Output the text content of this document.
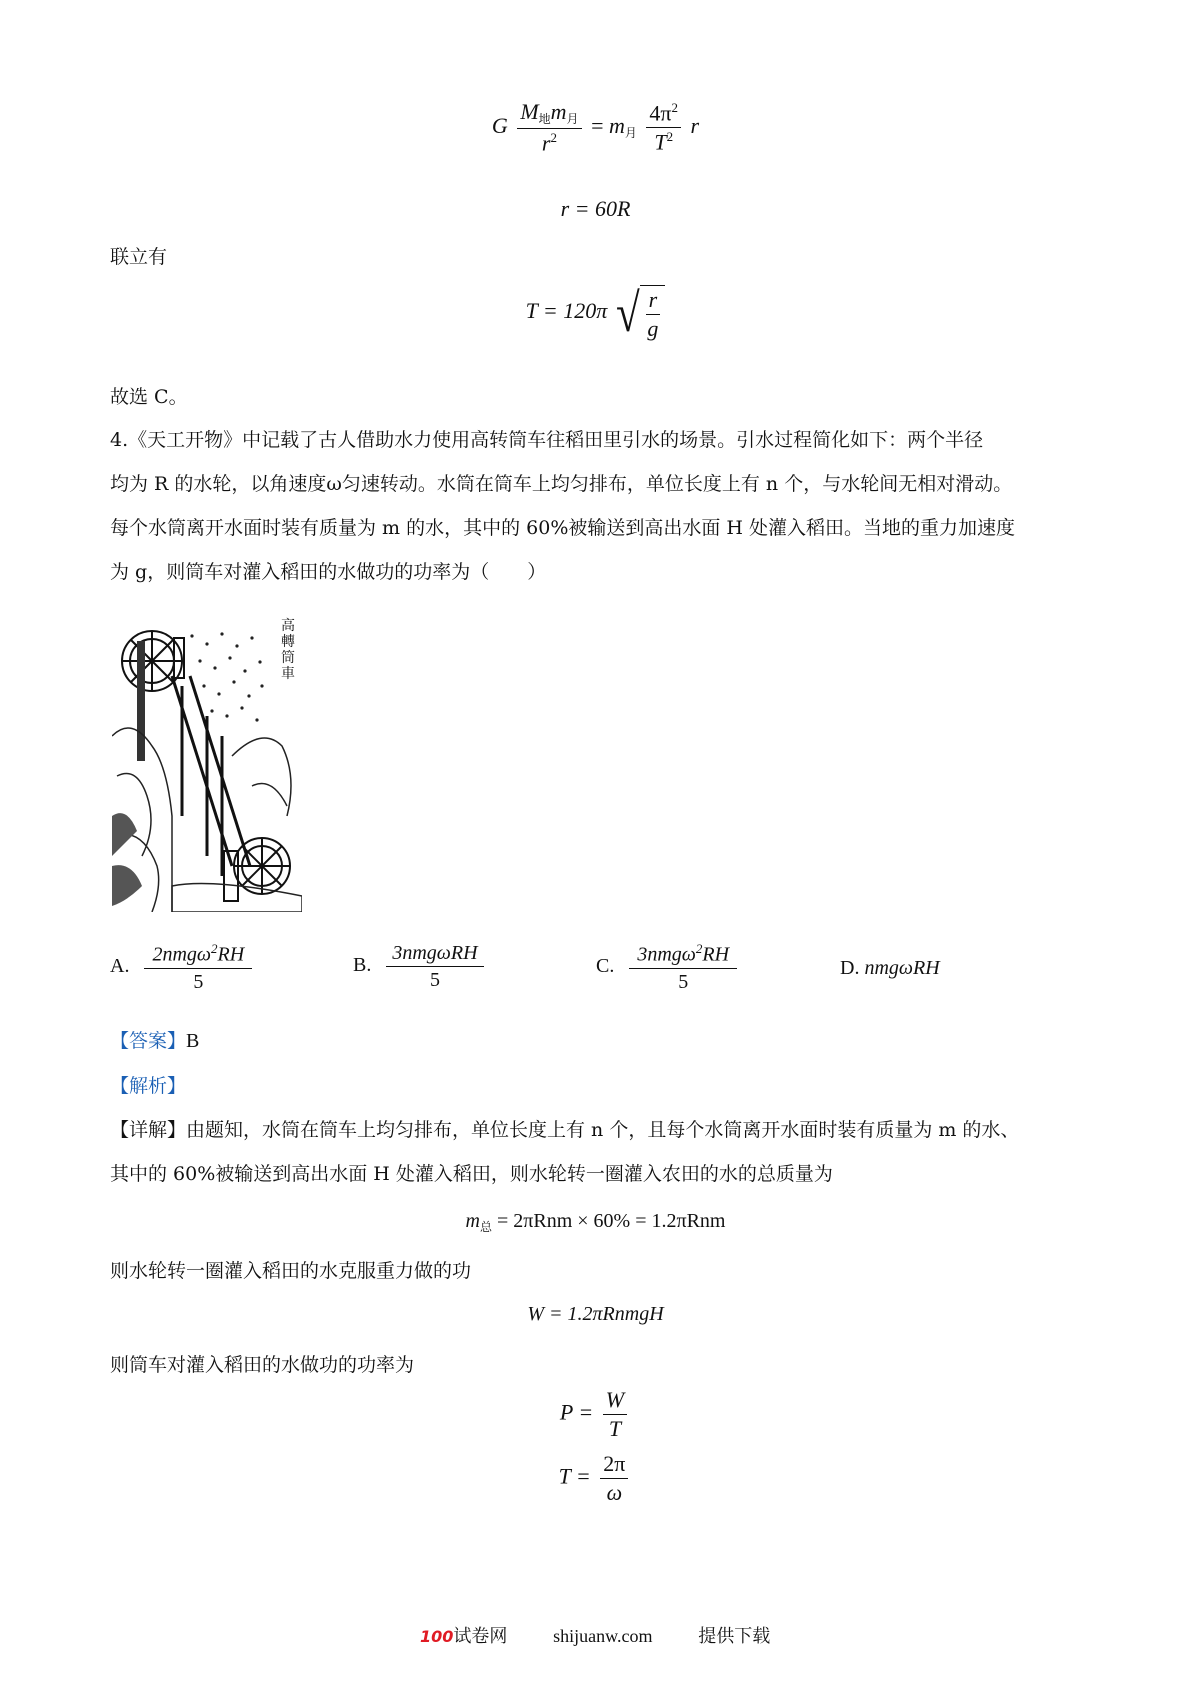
G $\frac{M_地m_月}{r^2} = m_月 \frac{4\pi^2}{T^2}$ r
r = 60R
联立有
T = 120π √ $\frac{r}{g}$
故选 C。
4.《天工开物》中记载了古人借助水力使用高转筒车往稻田里引水的场景。引水过程简化如下：两个半径
均为 R 的水轮，以角速度ω匀速转动。水筒在筒车上均匀排布，单位长度上有 n 个，与水轮间无相对滑动。
每个水筒离开水面时装有质量为 m 的水，其中的 60%被输送到高出水面 H 处灌入稻田。当地的重力加速度
为 g，则筒车对灌入稻田的水做功的功率为（　　）
高轉筒車
A. $\frac{2nmg\omega^2RH}{5}$	B. $\frac{\text{3nmgωRH}}{5}$	C. $\frac{3nmg\omega^2RH}{5}$	D. nmgωRH
【答案】B
【解析】
【详解】由题知，水筒在筒车上均匀排布，单位长度上有 n 个，且每个水筒离开水面时装有质量为 m 的水、
其中的 60%被输送到高出水面 H 处灌入稻田，则水轮转一圈灌入农田的水的总质量为
$m_总 = 2\pi Rnm \times 60\% = 1.2\pi Rnm$
则水轮转一圈灌入稻田的水克服重力做的功
W = 1.2πRnmgH
则筒车对灌入稻田的水做功的功率为
$P = \frac{W}{T}$
$T = \frac{2\pi}{\omega}$
100试卷网	shijuanw.com	提供下载
